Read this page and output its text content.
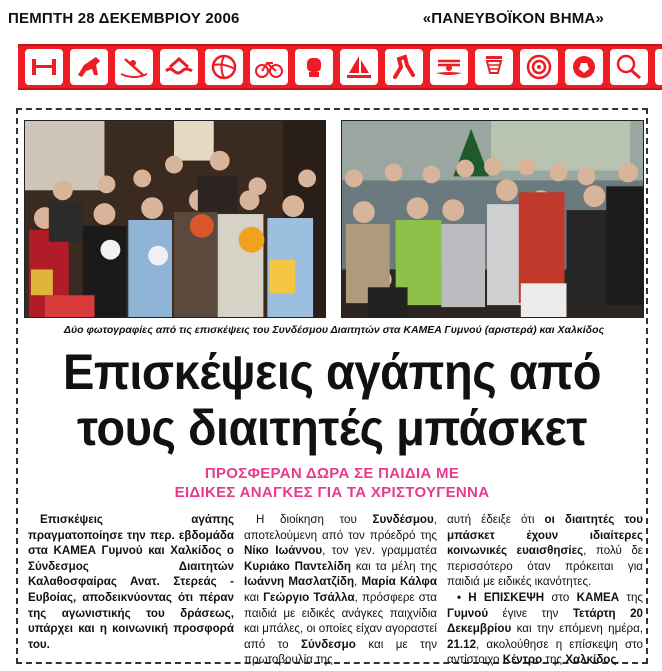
ΠΕΜΠΤΗ 28 ΔΕΚΕΜΒΡΙΟΥ 2006	«ΠΑΝΕΥΒΟΪΚΟΝ ΒΗΜΑ»
Δύο φωτογραφίες από τις επισκέψεις του Συνδέσμου Διαιτητών στα ΚΑΜΕΑ Γυμνού (αριστερά) και Χαλκίδος
Επισκέψεις αγάπης από
τους διαιτητές μπάσκετ
ΠΡΟΣΦΕΡΑΝ ΔΩΡΑ ΣΕ ΠΑΙΔΙΑ ΜΕ
ΕΙΔΙΚΕΣ ΑΝΑΓΚΕΣ ΓΙΑ ΤΑ ΧΡΙΣΤΟΥΓΕΝΝΑ
Επισκέψεις αγάπης πραγματοποίησε την περ. εβδομάδα στα ΚΑΜΕΑ Γυμνού και Χαλκίδος ο Σύνδεσμος Διαιτητών Καλαθοσφαίρας Ανατ. Στερεάς - Ευβοίας, αποδεικνύοντας ότι πέραν της αγωνιστικής του δράσεως, υπάρχει και η κοινωνική προσφορά του.
Η διοίκηση του Συνδέσμου, αποτελούμενη από τον πρόεδρό της Νίκο Ιωάννου, τον γεν. γραμματέα Κυριάκο Παντελίδη και τα μέλη της Ιωάννη Μασλατζίδη, Μαρία Κάλφα και Γεώργιο Τσάλλα, πρόσφερε στα παιδιά με ειδικές ανάγκες παιχνίδια και μπάλες, οι οποίες είχαν αγοραστεί από το Σύνδεσμο και με την πρωτοβουλία της
αυτή έδειξε ότι οι διαιτητές του μπάσκετ έχουν ιδιαίτερες κοινωνικές ευαισθησίες, πολύ δε περισσότερο όταν πρόκειται για παιδιά με ειδικές ικανότητες.
• Η ΕΠΙΣΚΕΨΗ στο ΚΑΜΕΑ της Γυμνού έγινε την Τετάρτη 20 Δεκεμβρίου και την επόμενη ημέρα, 21.12, ακολούθησε η επίσκεψη στο αντίστοιχο Κέντρο της Χαλκίδος.
